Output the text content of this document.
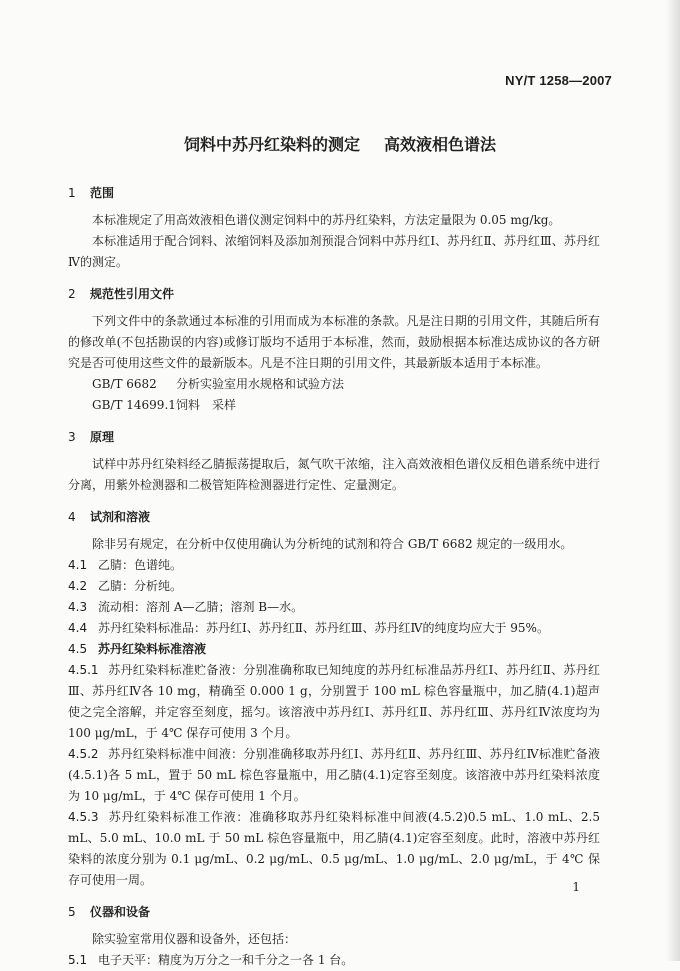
NY/T 1258—2007
饲料中苏丹红染料的测定 高效液相色谱法
1 范围

本标准规定了用高效液相色谱仪测定饲料中的苏丹红染料，方法定量限为 0.05 mg/kg。

本标准适用于配合饲料、浓缩饲料及添加剂预混合饲料中苏丹红Ⅰ、苏丹红Ⅱ、苏丹红Ⅲ、苏丹红Ⅳ的测定。

2 规范性引用文件

下列文件中的条款通过本标准的引用而成为本标准的条款。凡是注日期的引用文件，其随后所有的修改单(不包括勘误的内容)或修订版均不适用于本标准，然而，鼓励根据本标准达成协议的各方研究是否可使用这些文件的最新版本。凡是不注日期的引用文件，其最新版本适用于本标准。

GB/T 6682 分析实验室用水规格和试验方法

GB/T 14699.1饲料　采样

3 原理

试样中苏丹红染料经乙腈振荡提取后，氮气吹干浓缩，注入高效液相色谱仪反相色谱系统中进行分离，用紫外检测器和二极管矩阵检测器进行定性、定量测定。

4 试剂和溶液

除非另有规定，在分析中仅使用确认为分析纯的试剂和符合 GB/T 6682 规定的一级用水。

4.1 乙腈：色谱纯。

4.2 乙腈：分析纯。

4.3 流动相：溶剂 A—乙腈；溶剂 B—水。

4.4 苏丹红染料标准品：苏丹红Ⅰ、苏丹红Ⅱ、苏丹红Ⅲ、苏丹红Ⅳ的纯度均应大于 95%。

4.5 苏丹红染料标准溶液

4.5.1 苏丹红染料标准贮备液：分别准确称取已知纯度的苏丹红标准品苏丹红Ⅰ、苏丹红Ⅱ、苏丹红Ⅲ、苏丹红Ⅳ各 10 mg，精确至 0.000 1 g，分别置于 100 mL 棕色容量瓶中，加乙腈(4.1)超声使之完全溶解，并定容至刻度，摇匀。该溶液中苏丹红Ⅰ、苏丹红Ⅱ、苏丹红Ⅲ、苏丹红Ⅳ浓度均为 100 μg/mL，于 4℃ 保存可使用 3 个月。

4.5.2 苏丹红染料标准中间液：分别准确移取苏丹红Ⅰ、苏丹红Ⅱ、苏丹红Ⅲ、苏丹红Ⅳ标准贮备液(4.5.1)各 5 mL，置于 50 mL 棕色容量瓶中，用乙腈(4.1)定容至刻度。该溶液中苏丹红染料浓度为 10 μg/mL，于 4℃ 保存可使用 1 个月。

4.5.3 苏丹红染料标准工作液：准确移取苏丹红染料标准中间液(4.5.2)0.5 mL、1.0 mL、2.5 mL、5.0 mL、10.0 mL 于 50 mL 棕色容量瓶中，用乙腈(4.1)定容至刻度。此时，溶液中苏丹红染料的浓度分别为 0.1 μg/mL、0.2 μg/mL、0.5 μg/mL、1.0 μg/mL、2.0 μg/mL，于 4℃ 保存可使用一周。

5 仪器和设备

除实验室常用仪器和设备外，还包括：

5.1 电子天平：精度为万分之一和千分之一各 1 台。

1
